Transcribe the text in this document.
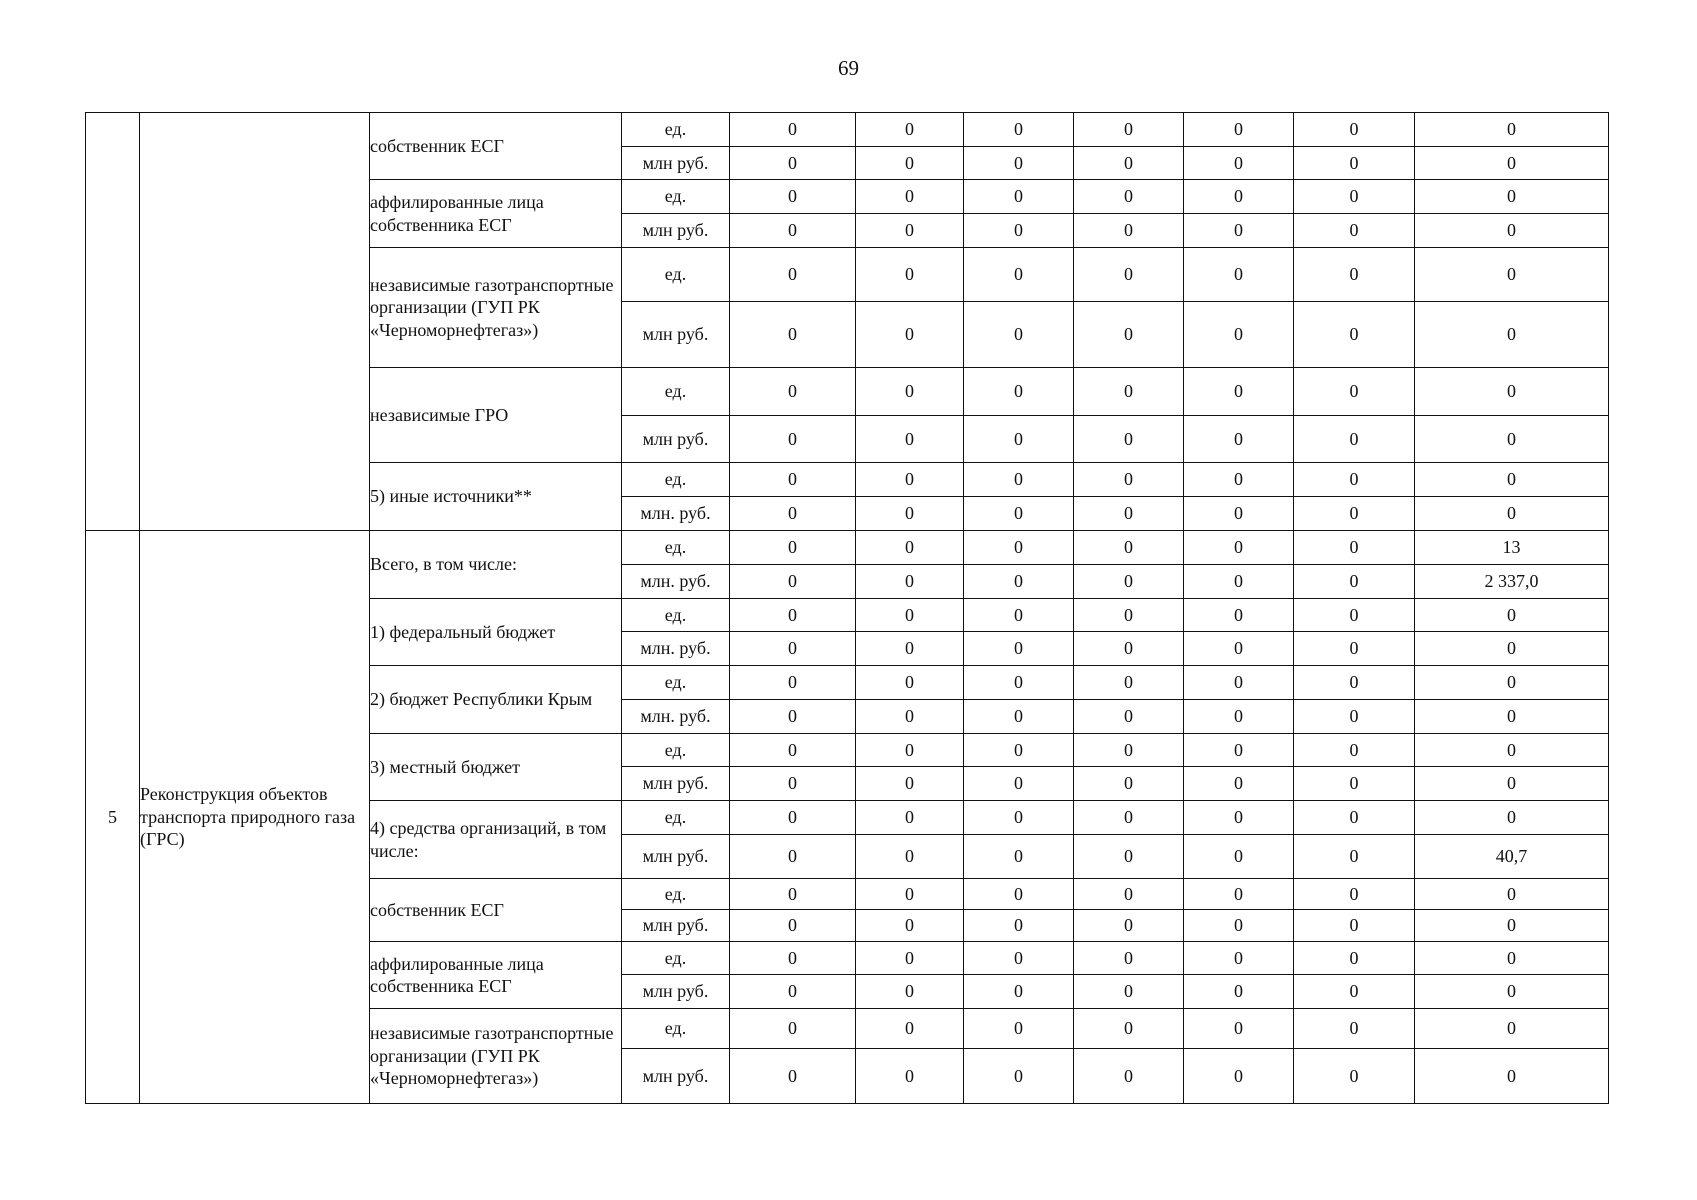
69
		собственник ЕСГ	ед.	0	0	0	0	0	0	0
			млн руб.	0	0	0	0	0	0	0
		аффилированные лица собственника ЕСГ	ед.	0	0	0	0	0	0	0
			млн руб.	0	0	0	0	0	0	0
		независимые газотранспортные организации (ГУП РК «Черноморнефтегаз»)	ед.	0	0	0	0	0	0	0
			млн руб.	0	0	0	0	0	0	0
		независимые ГРО	ед.	0	0	0	0	0	0	0
			млн руб.	0	0	0	0	0	0	0
		5) иные источники**	ед.	0	0	0	0	0	0	0
			млн. руб.	0	0	0	0	0	0	0
5	Реконструкция объектов транспорта природного газа (ГРС)	Всего, в том числе:	ед.	0	0	0	0	0	0	13
			млн. руб.	0	0	0	0	0	0	2 337,0
		1) федеральный бюджет	ед.	0	0	0	0	0	0	0
			млн. руб.	0	0	0	0	0	0	0
		2) бюджет Республики Крым	ед.	0	0	0	0	0	0	0
			млн. руб.	0	0	0	0	0	0	0
		3) местный бюджет	ед.	0	0	0	0	0	0	0
			млн руб.	0	0	0	0	0	0	0
		4) средства организаций, в том числе:	ед.	0	0	0	0	0	0	0
			млн руб.	0	0	0	0	0	0	40,7
		собственник ЕСГ	ед.	0	0	0	0	0	0	0
			млн руб.	0	0	0	0	0	0	0
		аффилированные лица собственника ЕСГ	ед.	0	0	0	0	0	0	0
			млн руб.	0	0	0	0	0	0	0
		независимые газотранспортные организации (ГУП РК «Черноморнефтегаз»)	ед.	0	0	0	0	0	0	0
			млн руб.	0	0	0	0	0	0	0
